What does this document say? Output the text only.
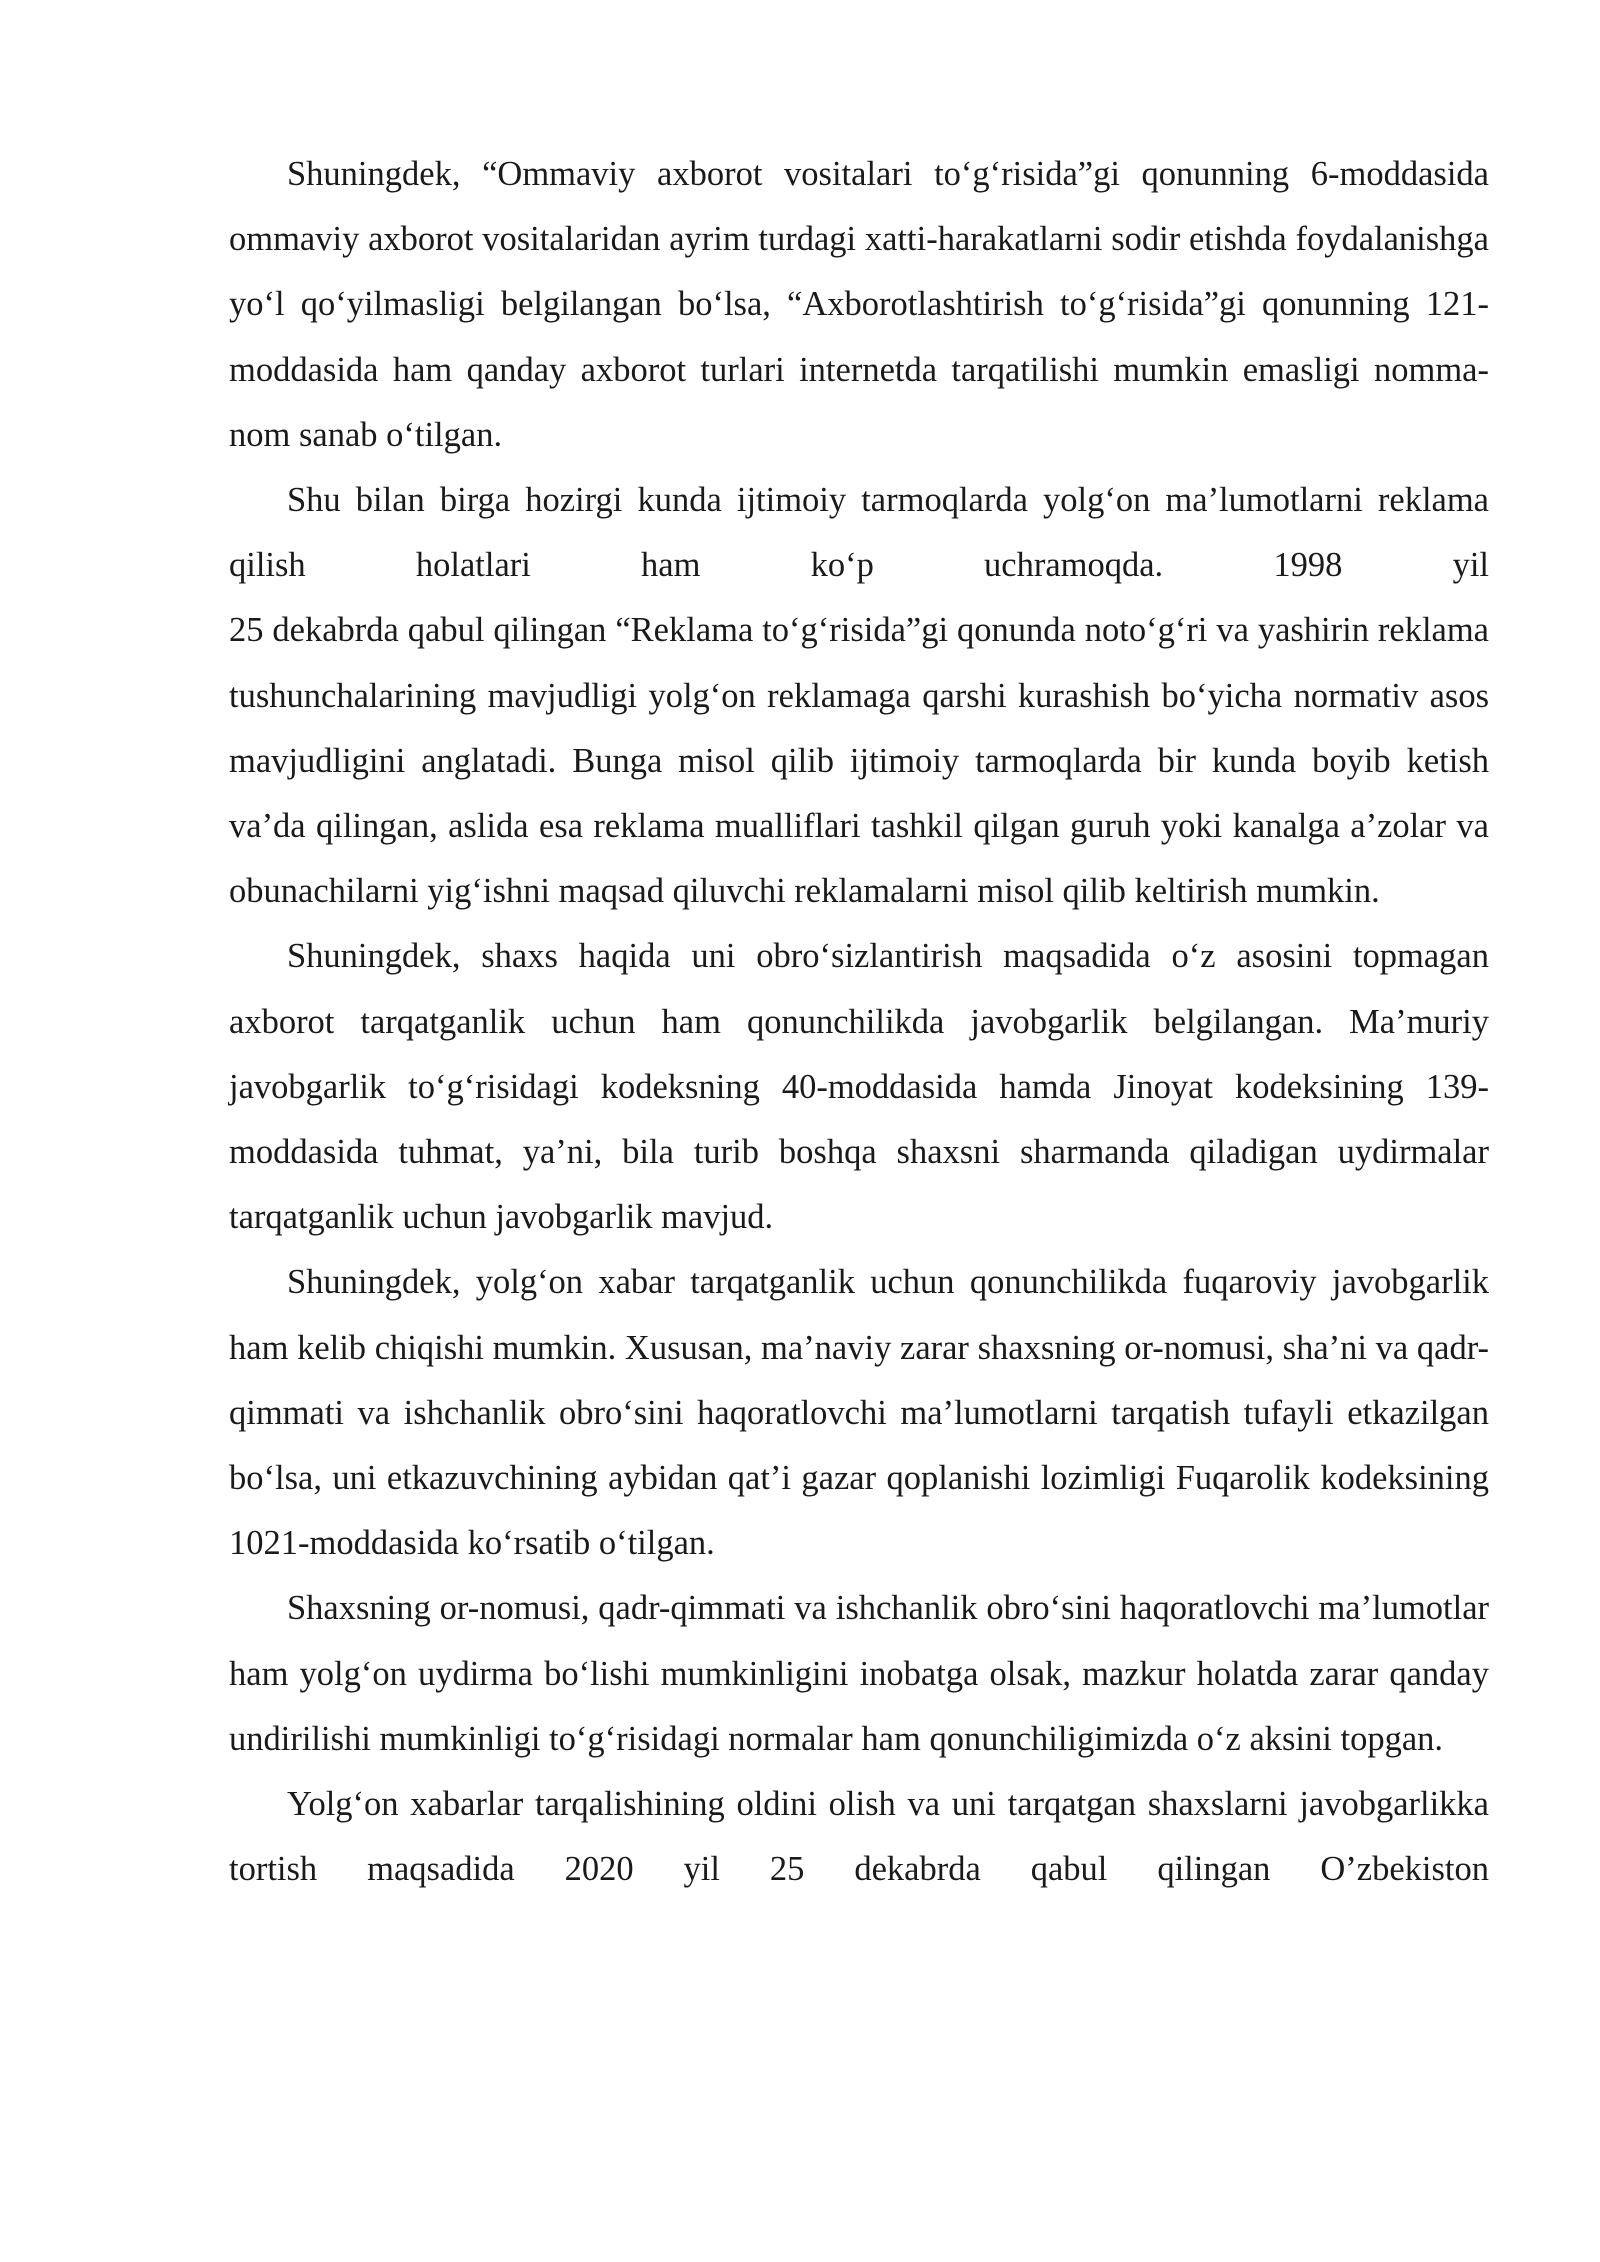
Shuningdek, “Ommaviy axborot vositalari to‘g‘risida”gi qonunning 6-moddasida ommaviy axborot vositalaridan ayrim turdagi xatti-harakatlarni sodir etishda foydalanishga yo‘l qo‘yilmasligi belgilangan bo‘lsa, “Axborotlashtirish to‘g‘risida”gi qonunning 121-moddasida ham qanday axborot turlari internetda tarqatilishi mumkin emasligi nomma-nom sanab o‘tilgan.

Shu bilan birga hozirgi kunda ijtimoiy tarmoqlarda yolg‘on ma’lumotlarni reklama qilish holatlari ham ko‘p uchramoqda. 1998 yil
25 dekabrda qabul qilingan “Reklama to‘g‘risida”gi qonunda noto‘g‘ri va yashirin reklama tushunchalarining mavjudligi yolg‘on reklamaga qarshi kurashish bo‘yicha normativ asos mavjudligini anglatadi. Bunga misol qilib ijtimoiy tarmoqlarda bir kunda boyib ketish va’da qilingan, aslida esa reklama mualliflari tashkil qilgan guruh yoki kanalga a’zolar va obunachilarni yig‘ishni maqsad qiluvchi reklamalarni misol qilib keltirish mumkin.

Shuningdek, shaxs haqida uni obro‘sizlantirish maqsadida o‘z asosini topmagan axborot tarqatganlik uchun ham qonunchilikda javobgarlik belgilangan. Ma’muriy javobgarlik to‘g‘risidagi kodeksning 40-moddasida hamda Jinoyat kodeksining 139-moddasida tuhmat, ya’ni, bila turib boshqa shaxsni sharmanda qiladigan uydirmalar tarqatganlik uchun javobgarlik mavjud.

Shuningdek, yolg‘on xabar tarqatganlik uchun qonunchilikda fuqaroviy javobgarlik ham kelib chiqishi mumkin. Xususan, ma’naviy zarar shaxsning or-nomusi, sha’ni va qadr-qimmati va ishchanlik obro‘sini haqoratlovchi ma’lumotlarni tarqatish tufayli etkazilgan bo‘lsa, uni etkazuvchining aybidan qat’i gazar qoplanishi lozimligi Fuqarolik kodeksining 1021-moddasida ko‘rsatib o‘tilgan.

Shaxsning or-nomusi, qadr-qimmati va ishchanlik obro‘sini haqoratlovchi ma’lumotlar ham yolg‘on uydirma bo‘lishi mumkinligini inobatga olsak, mazkur holatda zarar qanday undirilishi mumkinligi to‘g‘risidagi normalar ham qonunchiligimizda o‘z aksini topgan.

Yolg‘on xabarlar tarqalishining oldini olish va uni tarqatgan shaxslarni javobgarlikka tortish maqsadida 2020 yil 25 dekabrda qabul qilingan O’zbekiston
